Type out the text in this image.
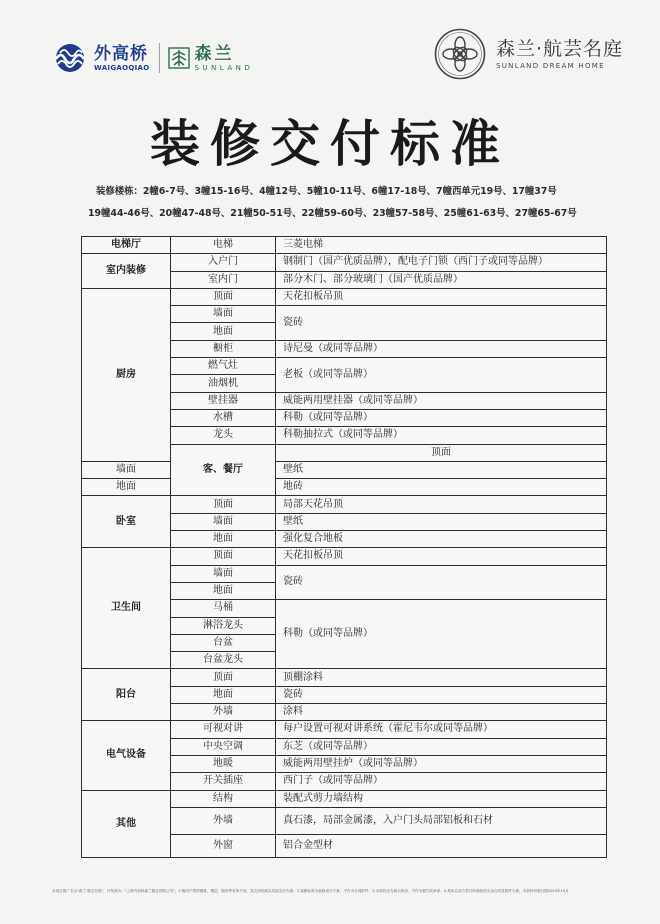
外高桥
WAIGAOQIAO
森兰
SUNLAND
森兰·航芸名庭
SUNLAND DREAM HOME
装修交付标准
装修楼栋：2幢6-7号、3幢15-16号、4幢12号、5幢10-11号、6幢17-18号、7幢西单元19号、17幢37号
19幢44-46号、20幢47-48号、21幢50-51号、22幢59-60号、23幢57-58号、25幢61-63号、27幢65-67号
电梯厅	电梯	三菱电梯	
室内装修	入户门	钢制门（国产优质品牌），配电子门锁（西门子或同等品牌）	
	室内门	部分木门、部分玻璃门（国产优质品牌）	
厨房	顶面	天花扣板吊顶	
	墙面	瓷砖	
	地面		
	橱柜	诗尼曼（或同等品牌）	
	燃气灶	老板（或同等品牌）	
	油烟机		
	壁挂器	威能两用壁挂器（或同等品牌）	
	水槽	科勒（或同等品牌）	
	龙头	科勒抽拉式（或同等品牌）	
	客、餐厅	顶面	
墙面		壁纸	
地面		地砖	
卧室	顶面	局部天花吊顶	
	墙面	壁纸	
	地面	强化复合地板	
卫生间	顶面	天花扣板吊顶	
	墙面	瓷砖	
	地面		
	马桶	科勒（或同等品牌）	
	淋浴龙头		
	台盆		
	台盆龙头		
阳台	顶面	顶棚涂料	
	地面	瓷砖	
	外墙	涂料	
电气设备	可视对讲	每户设置可视对讲系统（霍尼韦尔或同等品牌）	
	中央空调	东芝（或同等品牌）	
	地暖	威能两用壁挂炉（或同等品牌）	
	开关插座	西门子（或同等品牌）	
其他	结构	装配式剪力墙结构	
	外墙	真石漆，局部金属漆，入户门头局部铝板和石材	
	外窗	铝合金型材	
本项目推广名为"森兰·航芸名庭"，开发商为："上海外高桥森兰置业有限公司"。1.相同户型的楼栋、楼层、朝向等有所不同，其交房标准以实际交付为准；2.装修标准为装修设计方案，不作为合同附件；3.本资料仅为展示所用，不作为要约或承诺；4.具体以双方签订的商品房买卖合同及附件为准。本资料印制日期2023年10月
